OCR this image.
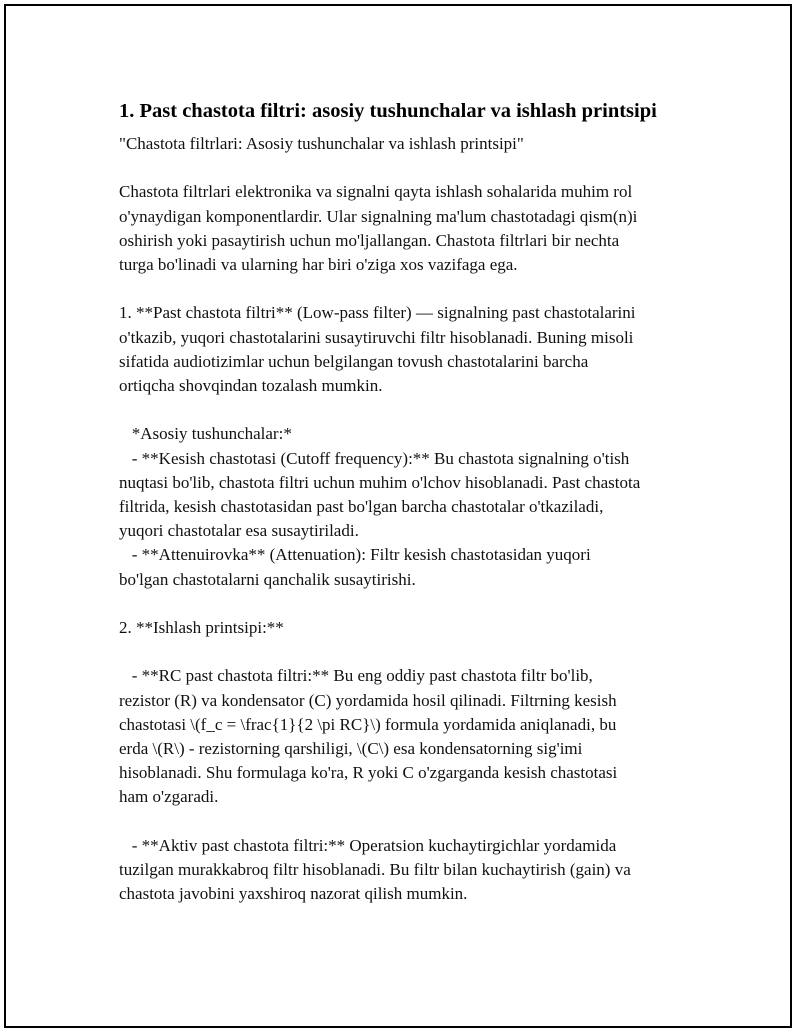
1. Past chastota filtri: asosiy tushunchalar va ishlash printsipi
"Chastota filtrlari: Asosiy tushunchalar va ishlash printsipi"
Chastota filtrlari elektronika va signalni qayta ishlash sohalarida muhim rol
o'ynaydigan komponentlardir. Ular signalning ma'lum chastotadagi qism(n)i
oshirish yoki pasaytirish uchun mo'ljallangan. Chastota filtrlari bir nechta
turga bo'linadi va ularning har biri o'ziga xos vazifaga ega.
1. **Past chastota filtri** (Low-pass filter) — signalning past chastotalarini
o'tkazib, yuqori chastotalarini susaytiruvchi filtr hisoblanadi. Buning misoli
sifatida audiotizimlar uchun belgilangan tovush chastotalarini barcha
ortiqcha shovqindan tozalash mumkin.
*Asosiy tushunchalar:*
- **Kesish chastotasi (Cutoff frequency):** Bu chastota signalning o'tish
nuqtasi bo'lib, chastota filtri uchun muhim o'lchov hisoblanadi. Past chastota
filtrida, kesish chastotasidan past bo'lgan barcha chastotalar o'tkaziladi,
yuqori chastotalar esa susaytiriladi.
- **Attenuirovka** (Attenuation): Filtr kesish chastotasidan yuqori
bo'lgan chastotalarni qanchalik susaytirishi.
2. **Ishlash printsipi:**
- **RC past chastota filtri:** Bu eng oddiy past chastota filtr bo'lib,
rezistor (R) va kondensator (C) yordamida hosil qilinadi. Filtrning kesish
chastotasi \(f_c = \frac{1}{2 \pi RC}\) formula yordamida aniqlanadi, bu
erda \(R\) - rezistorning qarshiligi, \(C\) esa kondensatorning sig'imi
hisoblanadi. Shu formulaga ko'ra, R yoki C o'zgarganda kesish chastotasi
ham o'zgaradi.
- **Aktiv past chastota filtri:** Operatsion kuchaytirgichlar yordamida
tuzilgan murakkabroq filtr hisoblanadi. Bu filtr bilan kuchaytirish (gain) va
chastota javobini yaxshiroq nazorat qilish mumkin.
